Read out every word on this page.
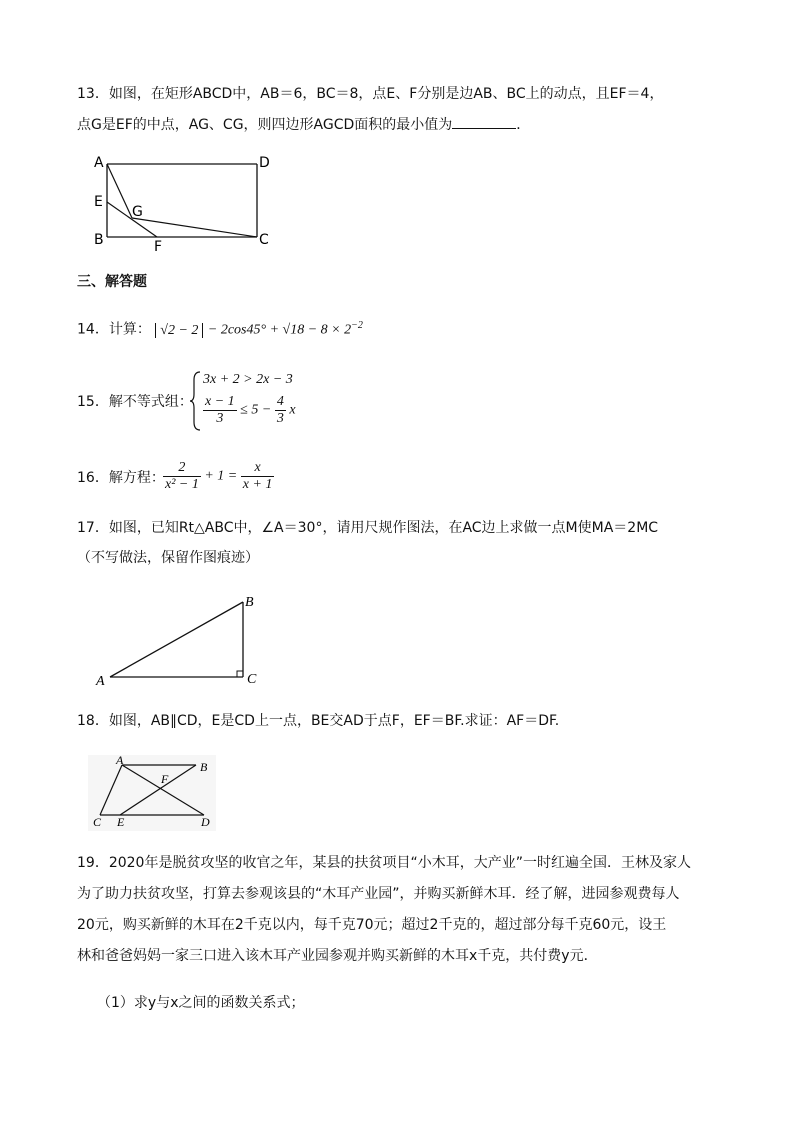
13．如图，在矩形ABCD中，AB＝6，BC＝8，点E、F分别是边AB、BC上的动点，且EF＝4，
点G是EF的中点，AG、CG，则四边形AGCD面积的最小值为	．
A	D
E
G
B	F	C
三、解答题
14．计算： $√2 - 2 - 2\cos 45^\circ + √18 - 8 \times 2^{-2}$
15．解不等式组：
3x + 2 > 2x − 3
$\frac{x - 1}{3} \le 5 - \frac{4}{3}$ x
16．解方程：
$\frac{2}{\text{x² − 1}} + 1 = \frac{x}{x + 1}$
17．如图，已知Rt△ABC中，∠A＝30°，请用尺规作图法，在AC边上求做一点M使MA＝2MC
（不写做法，保留作图痕迹）
A
B
C
18．如图，AB∥CD，E是CD上一点，BE交AD于点F，EF＝BF.求证：AF＝DF.
A	B
F
C E	D
19．2020年是脱贫攻坚的收官之年，某县的扶贫项目“小木耳，大产业”一时红遍全国．王林及家人
为了助力扶贫攻坚，打算去参观该县的“木耳产业园”，并购买新鲜木耳．经了解，进园参观费每人
20元，购买新鲜的木耳在2千克以内，每千克70元；超过2千克的，超过部分每千克60元，设王
林和爸爸妈妈一家三口进入该木耳产业园参观并购买新鲜的木耳x千克，共付费y元．
（1）求y与x之间的函数关系式；
